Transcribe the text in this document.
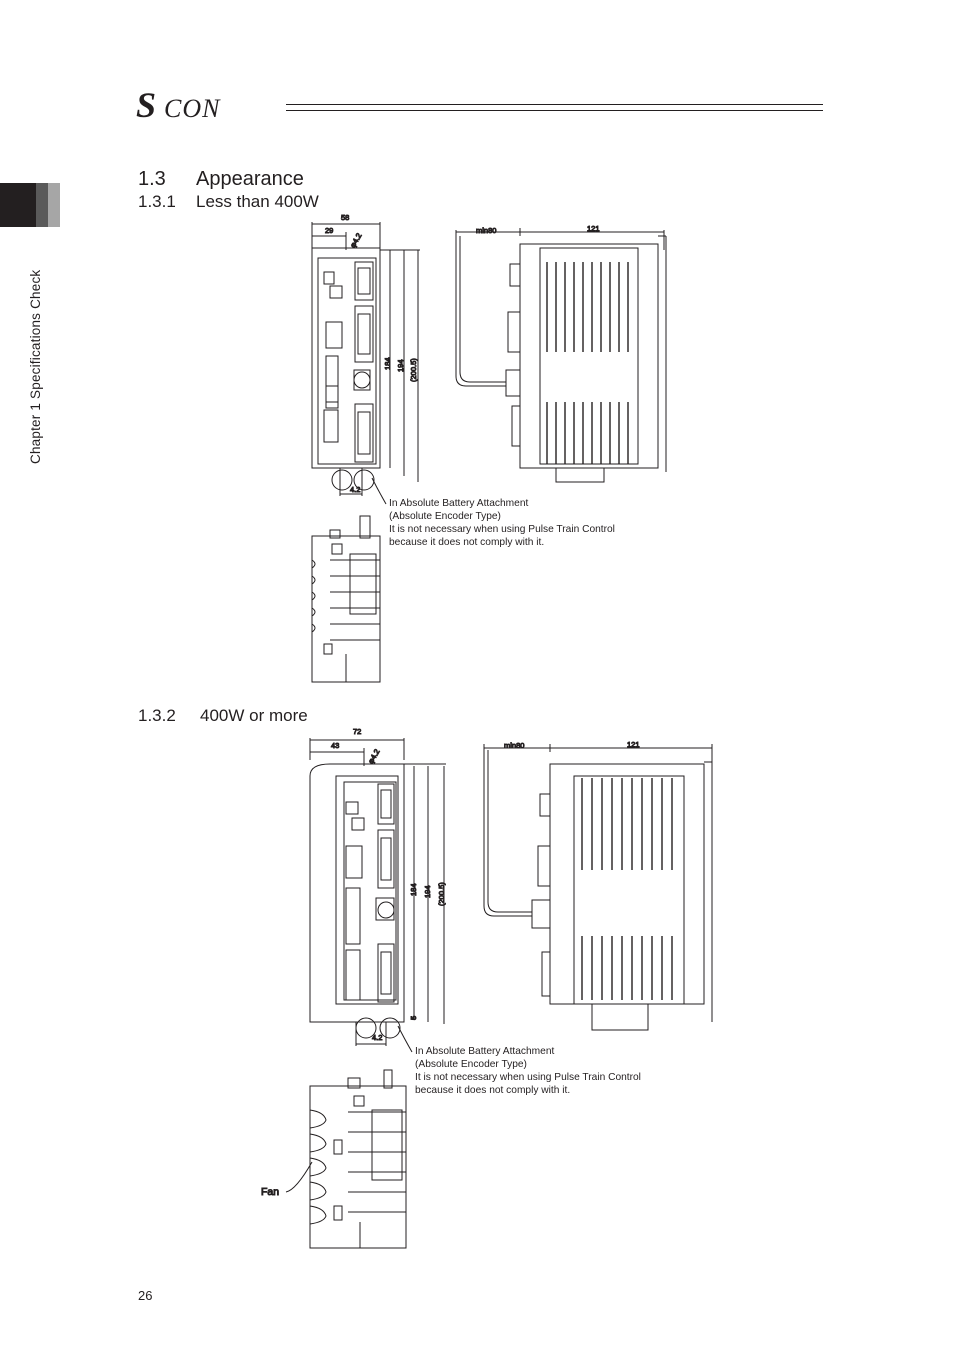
S CON
Chapter 1 Specifications Check
1.3 Appearance
1.3.1 Less than 400W
1.3.2 400W or more
58
29
φ4.2
184 194 (200.5)
4.2
min80	121
72
43
φ4.2
184 194 (200.5)
4.2
5
min80	121
Fan
In Absolute Battery Attachment
(Absolute Encoder Type)
It is not necessary when using Pulse Train Control
because it does not comply with it.
In Absolute Battery Attachment
(Absolute Encoder Type)
It is not necessary when using Pulse Train Control
because it does not comply with it.
26
